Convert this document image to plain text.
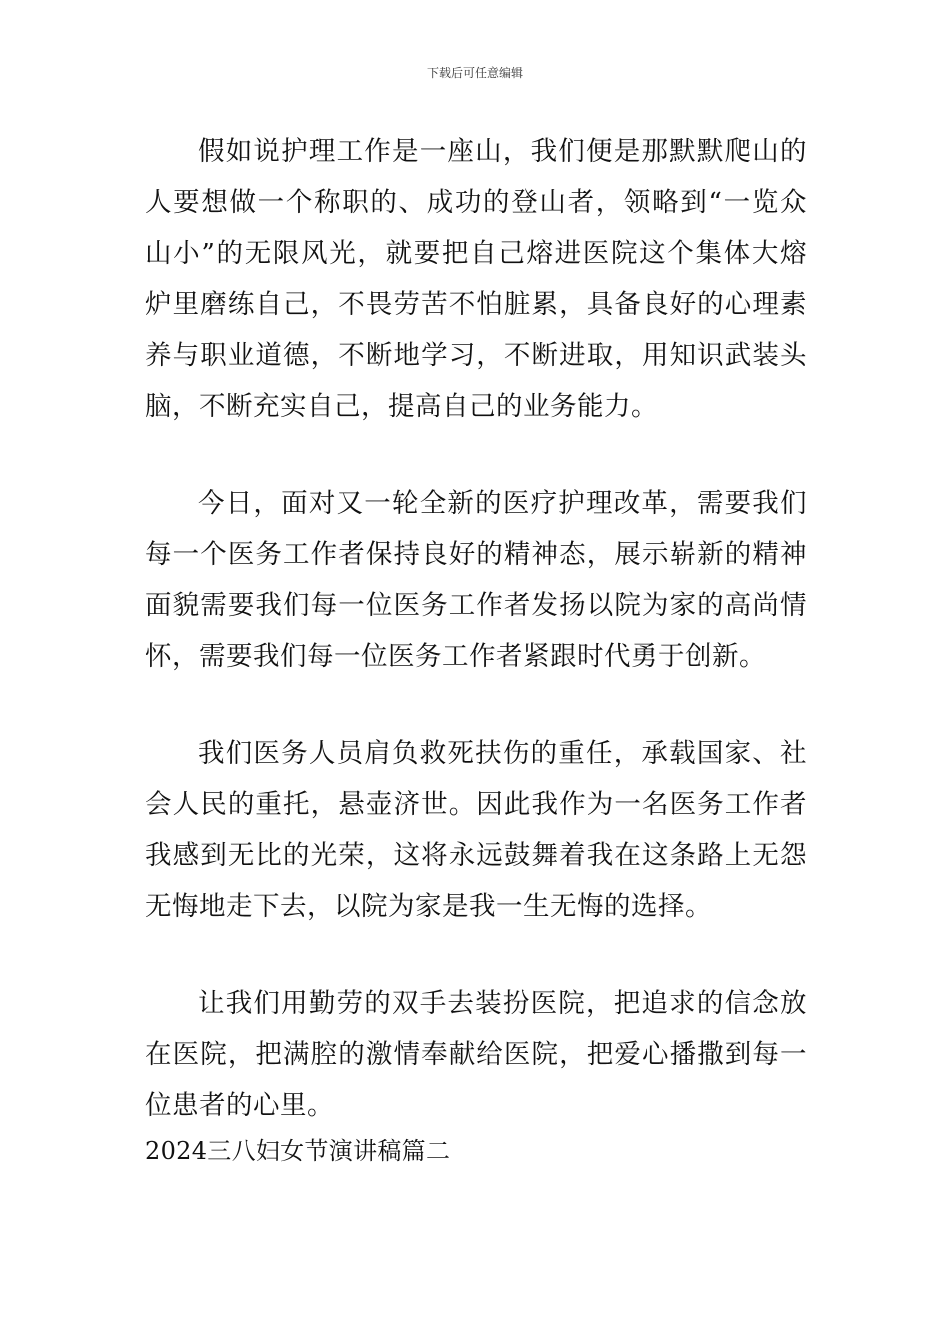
下载后可任意编辑

假如说护理工作是一座山，我们便是那默默爬山的人要想做一个称职的、成功的登山者，领略到“一览众山小”的无限风光，就要把自己熔进医院这个集体大熔炉里磨练自己，不畏劳苦不怕脏累，具备良好的心理素养与职业道德，不断地学习，不断进取，用知识武装头脑，不断充实自己，提高自己的业务能力。

今日，面对又一轮全新的医疗护理改革，需要我们每一个医务工作者保持良好的精神态，展示崭新的精神面貌需要我们每一位医务工作者发扬以院为家的高尚情怀，需要我们每一位医务工作者紧跟时代勇于创新。

我们医务人员肩负救死扶伤的重任，承载国家、社会人民的重托，悬壶济世。因此我作为一名医务工作者我感到无比的光荣，这将永远鼓舞着我在这条路上无怨无悔地走下去，以院为家是我一生无悔的选择。

让我们用勤劳的双手去装扮医院，把追求的信念放在医院，把满腔的激情奉献给医院，把爱心播撒到每一位患者的心里。

2024三八妇女节演讲稿篇二
